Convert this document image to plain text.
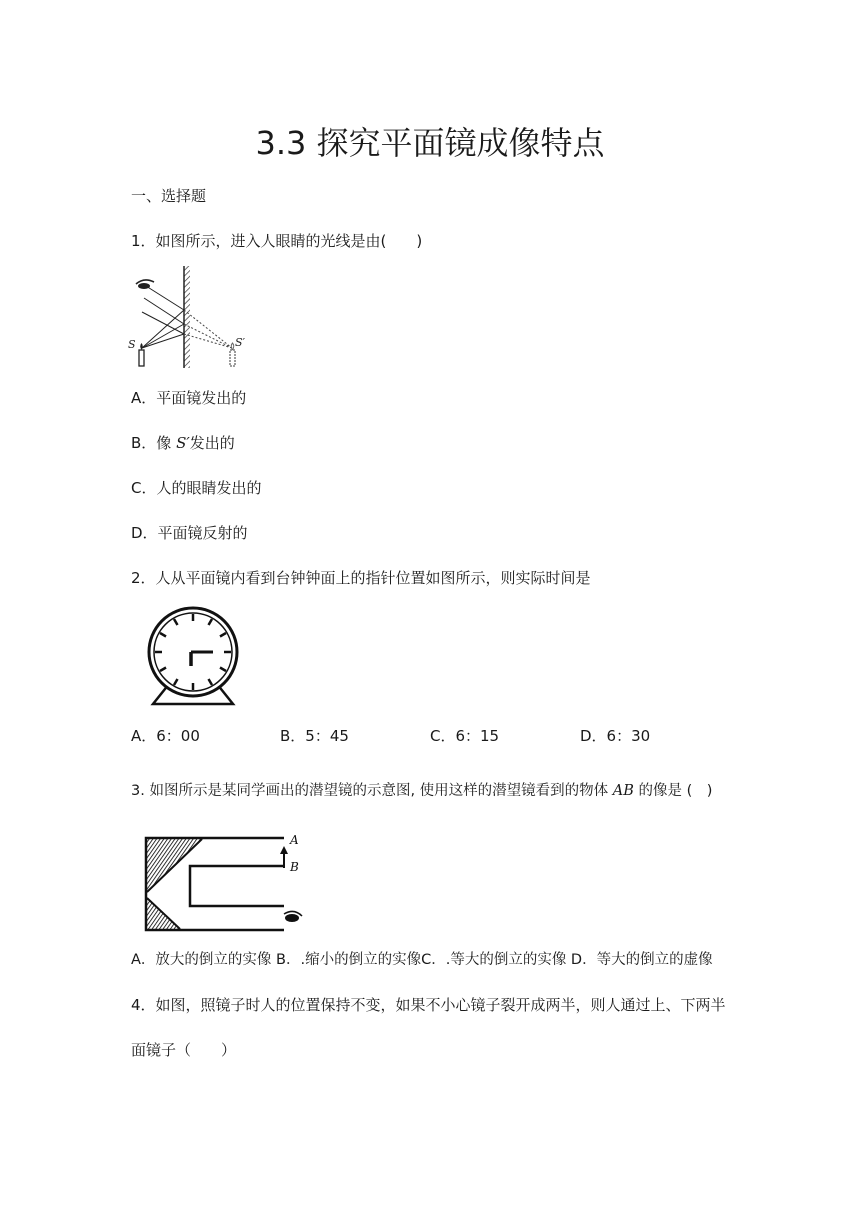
3.3 探究平面镜成像特点
一、选择题
1．如图所示，进入人眼睛的光线是由(　　)
S	S′
A．平面镜发出的
B．像 S′发出的
C．人的眼睛发出的
D．平面镜反射的
2．人从平面镜内看到台钟钟面上的指针位置如图所示，则实际时间是
A．6：00	B．5：45	C．6：15	D．6：30
3. 如图所示是某同学画出的潜望镜的示意图, 使用这样的潜望镜看到的物体 AB 的像是 (　)
A
B
A．放大的倒立的实像 B．.缩小的倒立的实像C．.等大的倒立的实像 D．等大的倒立的虚像
4．如图，照镜子时人的位置保持不变，如果不小心镜子裂开成两半，则人通过上、下两半
面镜子（　　）
